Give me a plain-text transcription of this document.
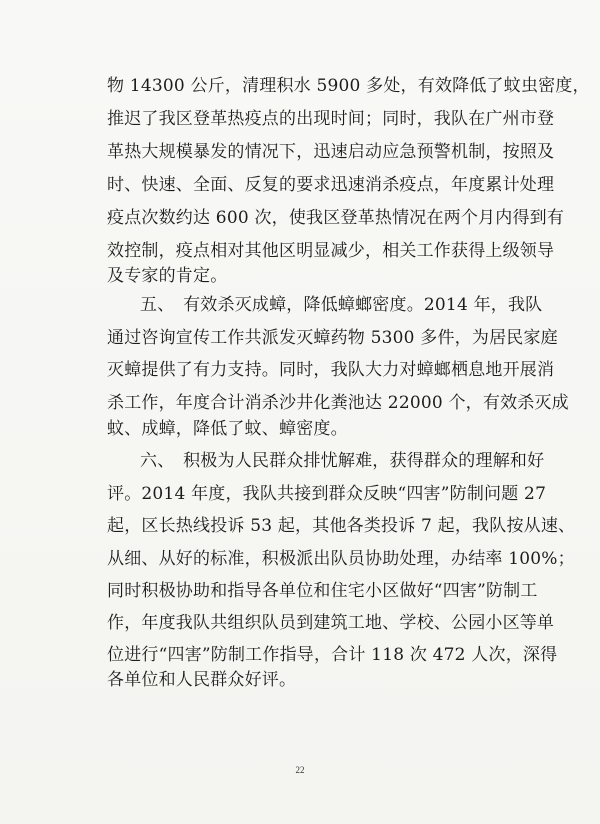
物 14300 公斤，清理积水 5900 多处，有效降低了蚊虫密度，
推迟了我区登革热疫点的出现时间；同时，我队在广州市登
革热大规模暴发的情况下，迅速启动应急预警机制，按照及
时、快速、全面、反复的要求迅速消杀疫点，年度累计处理
疫点次数约达 600 次，使我区登革热情况在两个月内得到有
效控制，疫点相对其他区明显减少，相关工作获得上级领导
及专家的肯定。
五、　有效杀灭成蟑，降低蟑螂密度。2014 年，我队
通过咨询宣传工作共派发灭蟑药物 5300 多件，为居民家庭
灭蟑提供了有力支持。同时，我队大力对蟑螂栖息地开展消
杀工作，年度合计消杀沙井化粪池达 22000 个，有效杀灭成
蚊、成蟑，降低了蚊、蟑密度。
六、　积极为人民群众排忧解难，获得群众的理解和好
评。2014 年度，我队共接到群众反映“四害”防制问题 27
起，区长热线投诉 53 起，其他各类投诉 7 起，我队按从速、
从细、从好的标准，积极派出队员协助处理，办结率 100%；
同时积极协助和指导各单位和住宅小区做好“四害”防制工
作，年度我队共组织队员到建筑工地、学校、公园小区等单
位进行“四害”防制工作指导，合计 118 次 472 人次，深得
各单位和人民群众好评。
22
